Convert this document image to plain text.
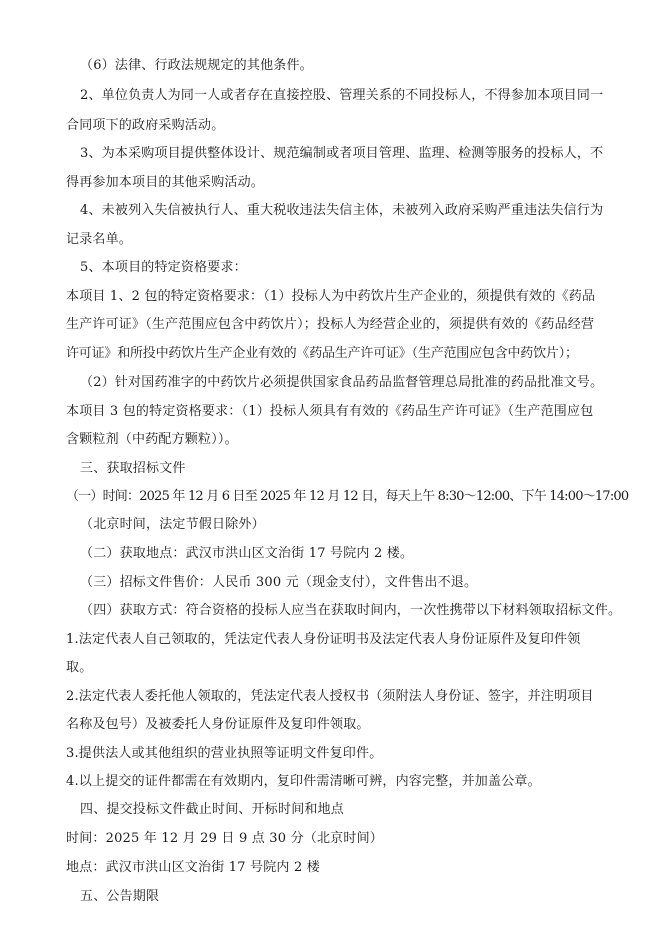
（6）法律、行政法规规定的其他条件。
2、单位负责人为同一人或者存在直接控股、管理关系的不同投标人，不得参加本项目同一
合同项下的政府采购活动。
3、为本采购项目提供整体设计、规范编制或者项目管理、监理、检测等服务的投标人，不
得再参加本项目的其他采购活动。
4、未被列入失信被执行人、重大税收违法失信主体，未被列入政府采购严重违法失信行为
记录名单。
5、本项目的特定资格要求：
本项目 1、2 包的特定资格要求：（1）投标人为中药饮片生产企业的，须提供有效的《药品
生产许可证》（生产范围应包含中药饮片）；投标人为经营企业的，须提供有效的《药品经营
许可证》和所投中药饮片生产企业有效的《药品生产许可证》（生产范围应包含中药饮片）；
（2）针对国药准字的中药饮片必须提供国家食品药品监督管理总局批准的药品批准文号。
本项目 3 包的特定资格要求：（1）投标人须具有有效的《药品生产许可证》（生产范围应包
含颗粒剂（中药配方颗粒））。
三、获取招标文件
（一）时间：2025 年 12 月 6 日至 2025 年 12 月 12 日，每天上午 8:30～12:00、下午 14:00～17:00
（北京时间，法定节假日除外）
（二）获取地点：武汉市洪山区文治街 17 号院内 2 楼。
（三）招标文件售价：人民币 300 元（现金支付），文件售出不退。
（四）获取方式：符合资格的投标人应当在获取时间内，一次性携带以下材料领取招标文件。
1.法定代表人自己领取的，凭法定代表人身份证明书及法定代表人身份证原件及复印件领
取。
2.法定代表人委托他人领取的，凭法定代表人授权书（须附法人身份证、签字，并注明项目
名称及包号）及被委托人身份证原件及复印件领取。
3.提供法人或其他组织的营业执照等证明文件复印件。
4.以上提交的证件都需在有效期内，复印件需清晰可辨，内容完整，并加盖公章。
四、提交投标文件截止时间、开标时间和地点
时间：2025 年 12 月 29 日 9 点 30 分（北京时间）
地点：武汉市洪山区文治街 17 号院内 2 楼
五、公告期限
